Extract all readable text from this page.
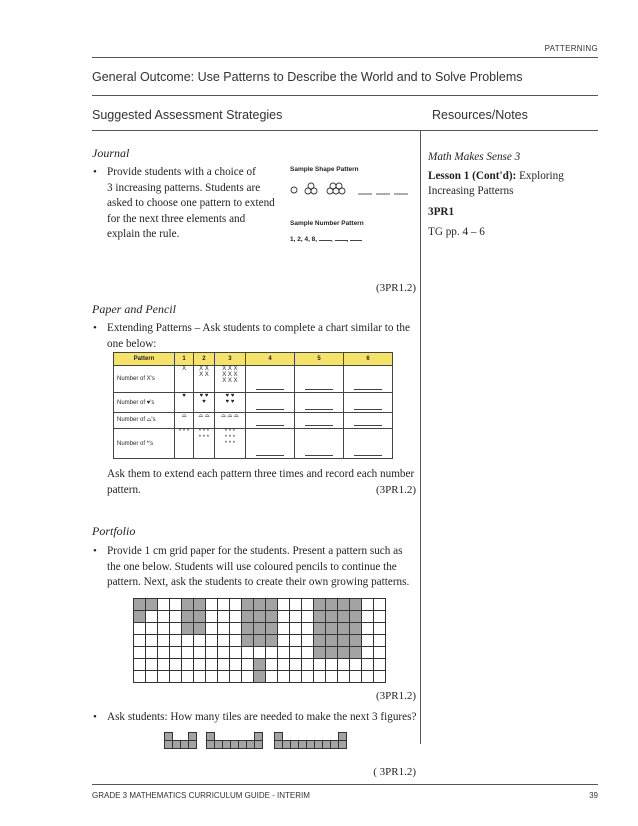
PATTERNING
General Outcome: Use Patterns to Describe the World and to Solve Problems
Suggested Assessment Strategies	Resources/Notes
Journal
• Provide students with a choice of
3 increasing patterns. Students are
asked to choose one pattern to extend
for the next three elements and
explain the rule.
Sample Shape Pattern
Sample Number Pattern
1, 2, 4, 8, , ,
(3PR1.2)
Paper and Pencil
• Extending Patterns – Ask students to complete a chart similar to the
one below:
Pattern	1	2	3	4	5	6
Number of X's	X	X X
X X	X X X
X X X
X X X			
Number of ♥'s	♥	♥ ♥
♥	♥ ♥
♥ ♥			
Number of ⌓'s	⌓	⌓ ⌓	⌓ ⌓ ⌓			
Number of *'s	* * *	* * *
* * *	* * *
* * *
* * *			
Ask them to extend each pattern three times and record each number
pattern.	(3PR1.2)
Portfolio
• Provide 1 cm grid paper for the students. Present a pattern such as
the one below. Students will use coloured pencils to continue the
pattern. Next, ask the students to create their own growing patterns.
(3PR1.2)
• Ask students: How many tiles are needed to make the next 3 figures?
( 3PR1.2)
Math Makes Sense 3
Lesson 1 (Cont'd): Exploring
Increasing Patterns
3PR1
TG pp. 4 – 6
GRADE 3 MATHEMATICS CURRICULUM GUIDE - INTERIM	39
